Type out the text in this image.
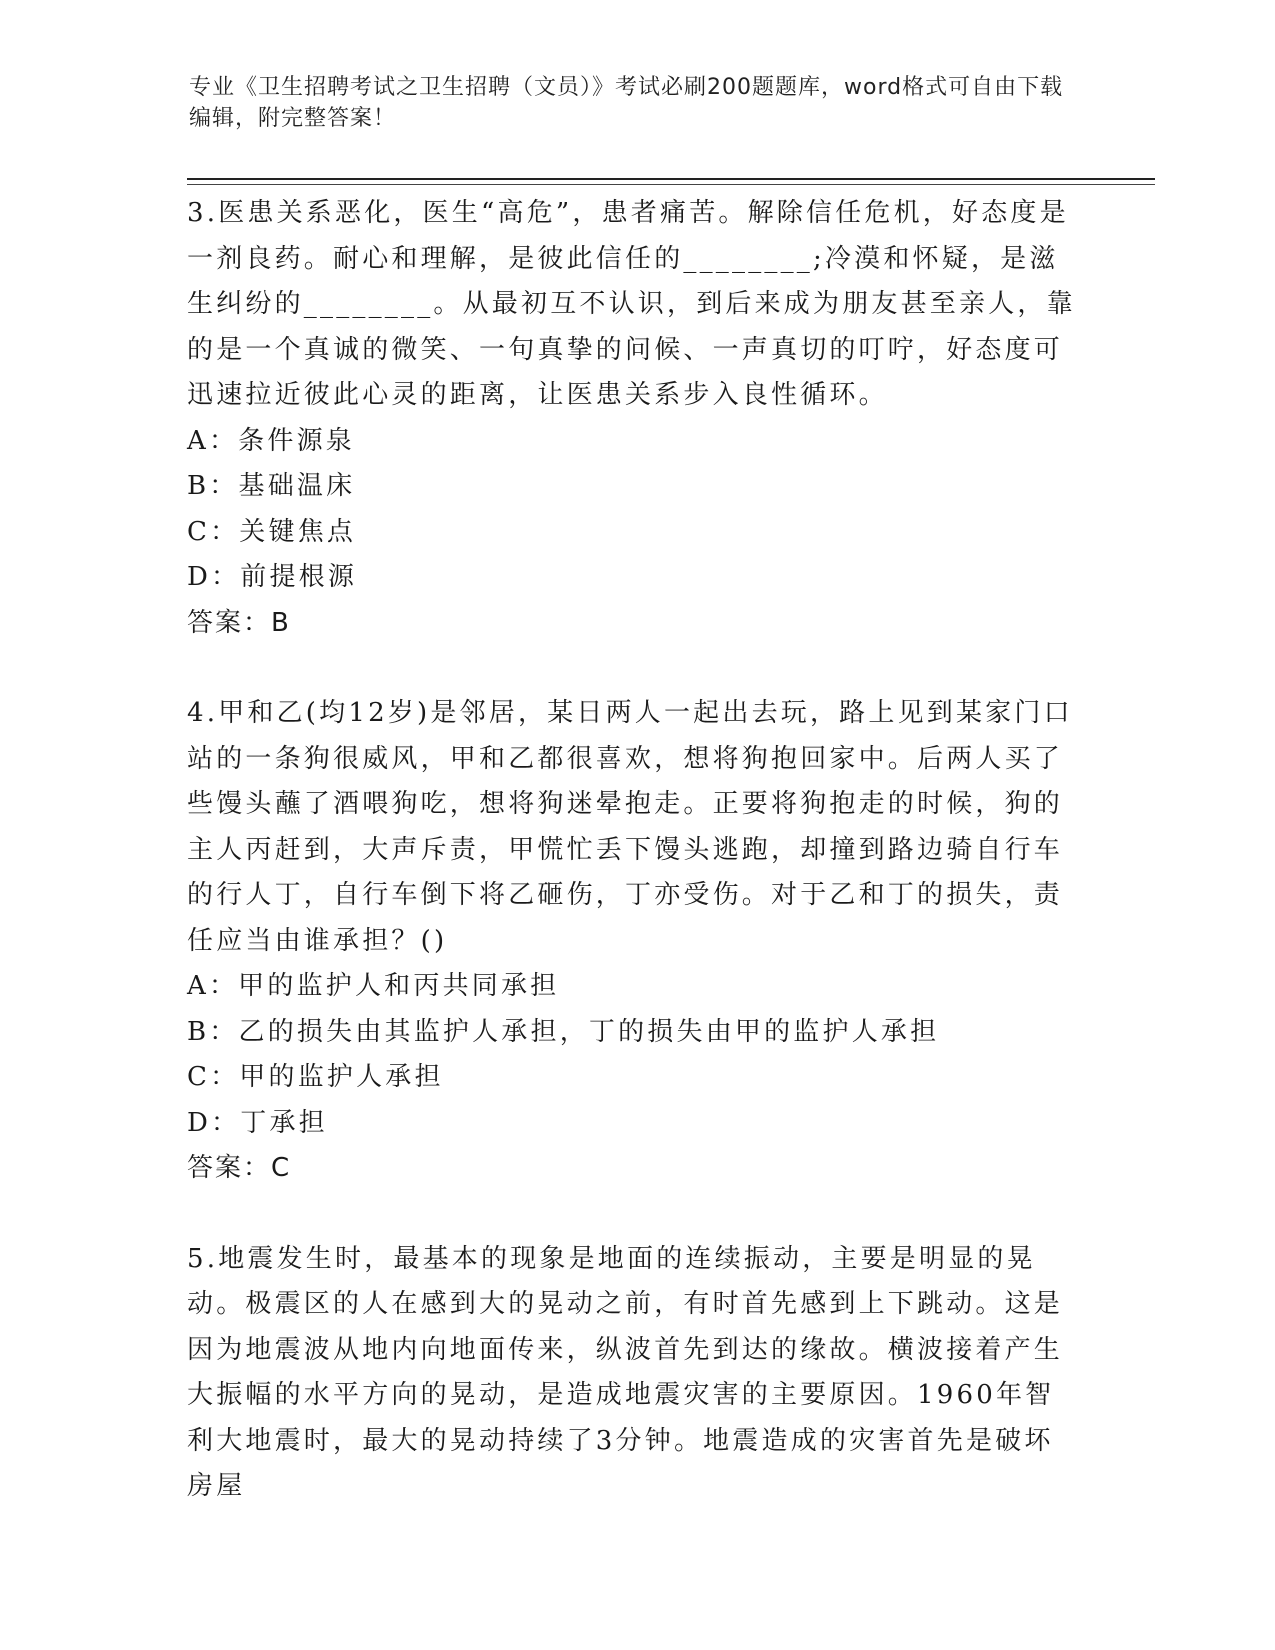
专业《卫生招聘考试之卫生招聘（文员）》考试必刷200题题库，word格式可自由下载编辑，附完整答案！

3.医患关系恶化，医生“高危”，患者痛苦。解除信任危机，好态度是一剂良药。耐心和理解，是彼此信任的________;冷漠和怀疑，是滋生纠纷的________。从最初互不认识，到后来成为朋友甚至亲人，靠的是一个真诚的微笑、一句真挚的问候、一声真切的叮咛，好态度可迅速拉近彼此心灵的距离，让医患关系步入良性循环。

A：条件源泉

B：基础温床

C：关键焦点

D：前提根源

答案：B

4.甲和乙(均12岁)是邻居，某日两人一起出去玩，路上见到某家门口站的一条狗很威风，甲和乙都很喜欢，想将狗抱回家中。后两人买了些馒头蘸了酒喂狗吃，想将狗迷晕抱走。正要将狗抱走的时候，狗的主人丙赶到，大声斥责，甲慌忙丢下馒头逃跑，却撞到路边骑自行车的行人丁，自行车倒下将乙砸伤，丁亦受伤。对于乙和丁的损失，责任应当由谁承担？()

A：甲的监护人和丙共同承担

B：乙的损失由其监护人承担，丁的损失由甲的监护人承担

C：甲的监护人承担

D：丁承担

答案：C

5.地震发生时，最基本的现象是地面的连续振动，主要是明显的晃动。极震区的人在感到大的晃动之前，有时首先感到上下跳动。这是因为地震波从地内向地面传来，纵波首先到达的缘故。横波接着产生大振幅的水平方向的晃动，是造成地震灾害的主要原因。1960年智利大地震时，最大的晃动持续了3分钟。地震造成的灾害首先是破坏房屋
